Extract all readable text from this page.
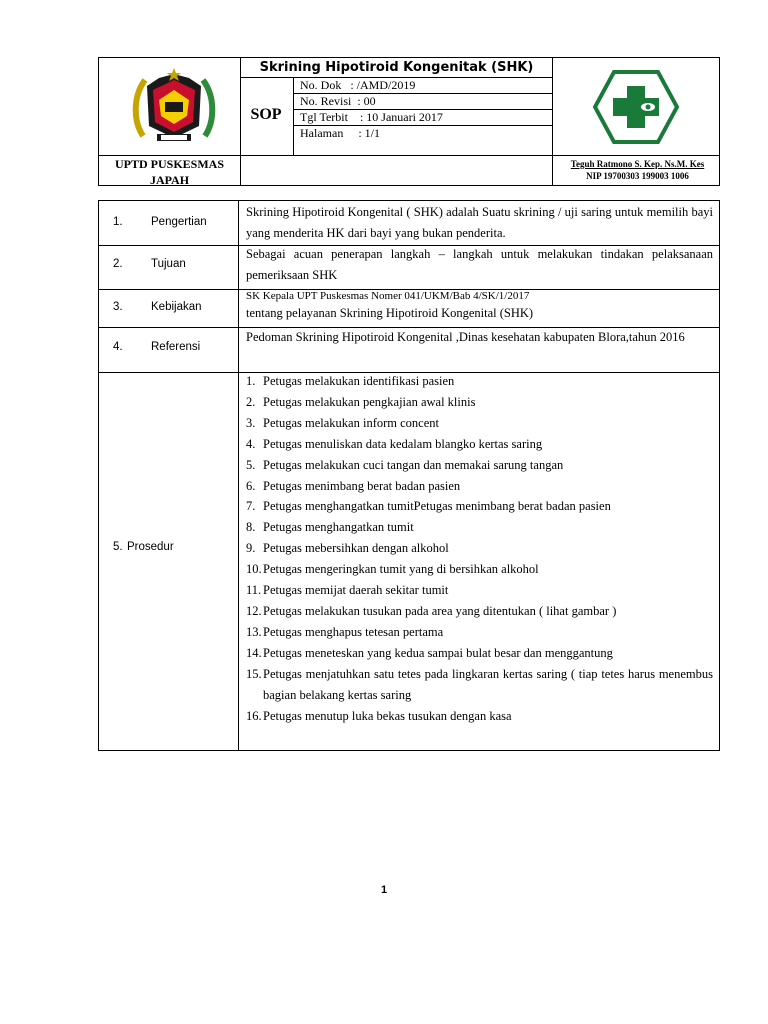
Skrining Hipotiroid Kongenitak (SHK)
SOP
No. Dok   : /AMD/2019
No. Revisi  : 00
Tgl Terbit    : 10 Januari 2017
Halaman     : 1/1
UPTD PUSKESMAS
JAPAH
Teguh Ratmono S. Kep. Ns.M. Kes
NIP 19700303 199003 1006
1. Pengertian
Skrining Hipotiroid Kongenital ( SHK) adalah Suatu skrining / uji saring untuk memilih bayi yang menderita HK dari bayi yang bukan penderita.
2. Tujuan
Sebagai acuan penerapan langkah – langkah untuk melakukan tindakan pelaksanaan pemeriksaan SHK
3. Kebijakan
SK Kepala UPT Puskesmas Nomer 041/UKM/Bab 4/SK/1/2017
tentang pelayanan Skrining Hipotiroid Kongenital (SHK)
4. Referensi
Pedoman Skrining Hipotiroid Kongenital ,Dinas kesehatan kabupaten Blora,tahun 2016
5. Prosedur
1. Petugas melakukan identifikasi pasien
2. Petugas melakukan pengkajian awal klinis
3. Petugas melakukan inform concent
4. Petugas menuliskan data kedalam blangko kertas saring
5. Petugas melakukan cuci tangan dan memakai sarung tangan
6. Petugas menimbang berat badan pasien
7. Petugas menghangatkan tumitPetugas menimbang berat badan pasien
8. Petugas menghangatkan tumit
9. Petugas mebersihkan dengan alkohol
10. Petugas mengeringkan tumit yang di bersihkan alkohol
11. Petugas memijat daerah sekitar tumit
12. Petugas melakukan tusukan pada area yang ditentukan ( lihat gambar )
13. Petugas menghapus tetesan pertama
14. Petugas meneteskan yang kedua sampai bulat besar dan menggantung
15. Petugas menjatuhkan satu tetes pada lingkaran kertas saring ( tiap tetes harus menembus bagian belakang kertas saring
16. Petugas menutup luka bekas tusukan dengan kasa
1
